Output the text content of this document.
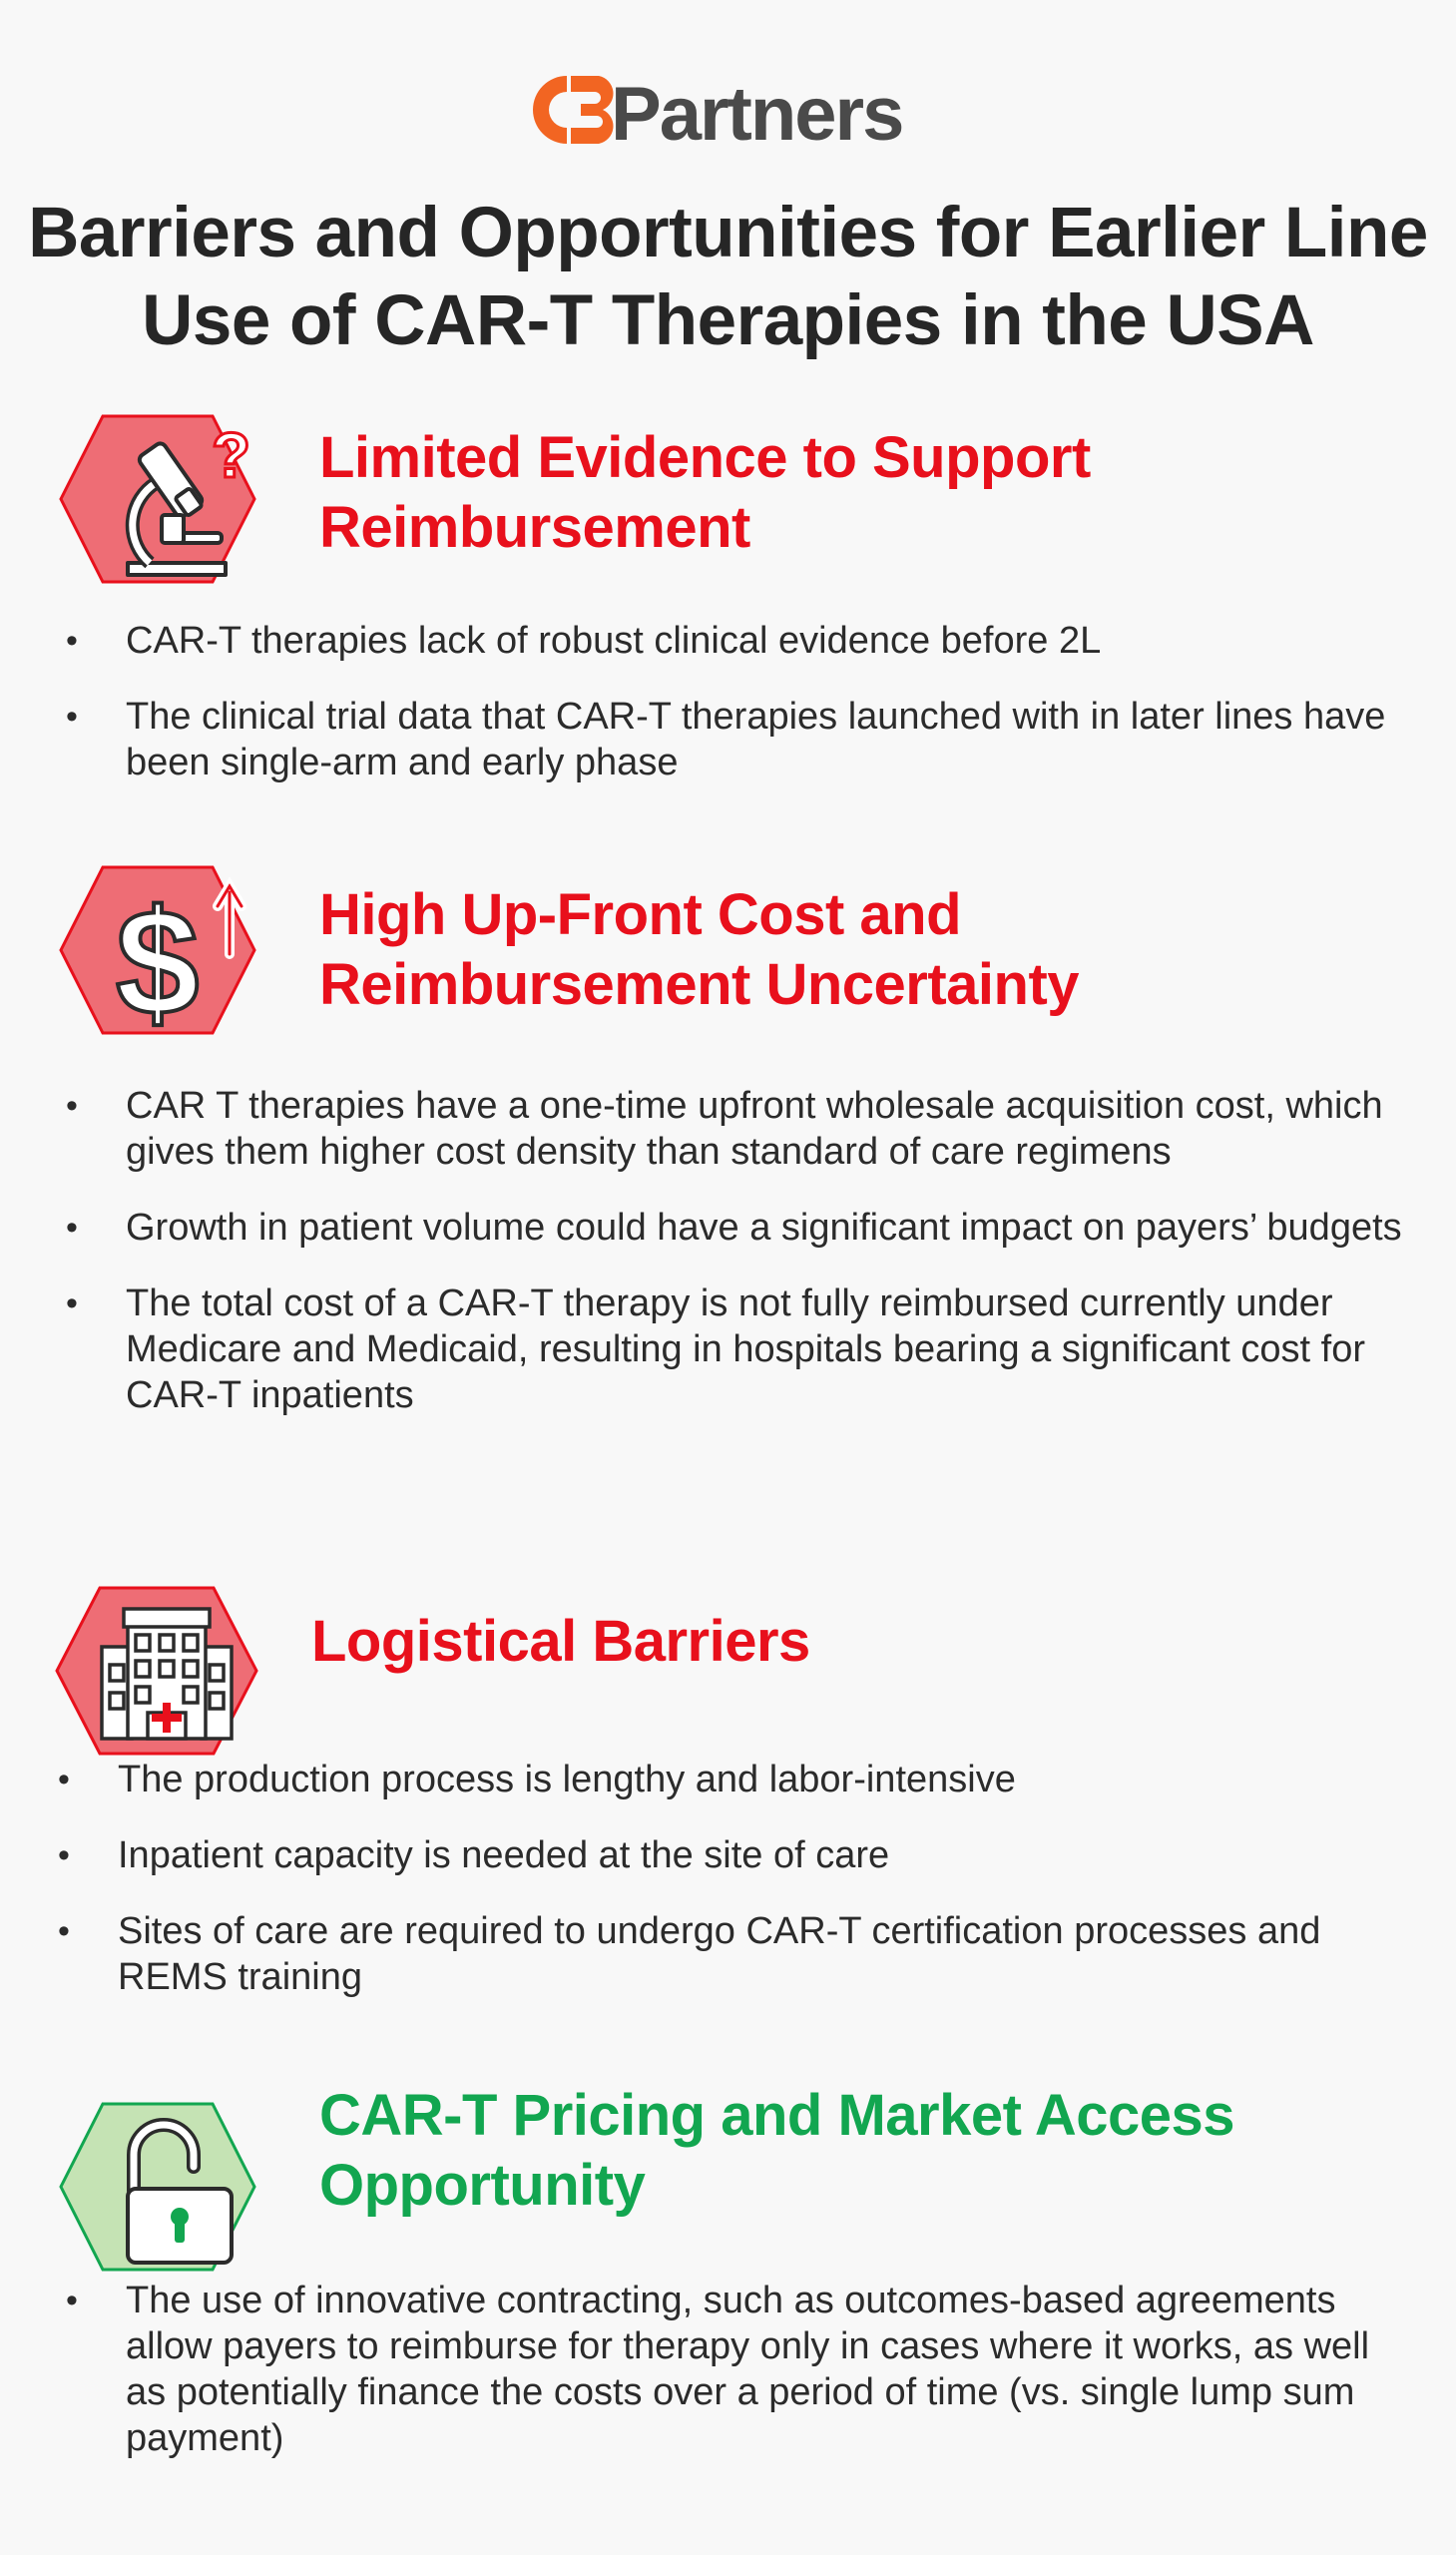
Partners
Barriers and Opportunities for Earlier Line Use of CAR-T Therapies in the USA
? Limited Evidence to Support Reimbursement
• CAR-T therapies lack of robust clinical evidence before 2L
• The clinical trial data that CAR-T therapies launched with in later lines have been single-arm and early phase
$ High Up-Front Cost and Reimbursement Uncertainty
• CAR T therapies have a one-time upfront wholesale acquisition cost, which gives them higher cost density than standard of care regimens
• Growth in patient volume could have a significant impact on payers’ budgets
• The total cost of a CAR-T therapy is not fully reimbursed currently under Medicare and Medicaid, resulting in hospitals bearing a significant cost for CAR-T inpatients
Logistical Barriers
• The production process is lengthy and labor-intensive
• Inpatient capacity is needed at the site of care
• Sites of care are required to undergo CAR-T certification processes and REMS training
CAR-T Pricing and Market Access Opportunity
• The use of innovative contracting, such as outcomes-based agreements allow payers to reimburse for therapy only in cases where it works, as well as potentially finance the costs over a period of time (vs. single lump sum payment)
